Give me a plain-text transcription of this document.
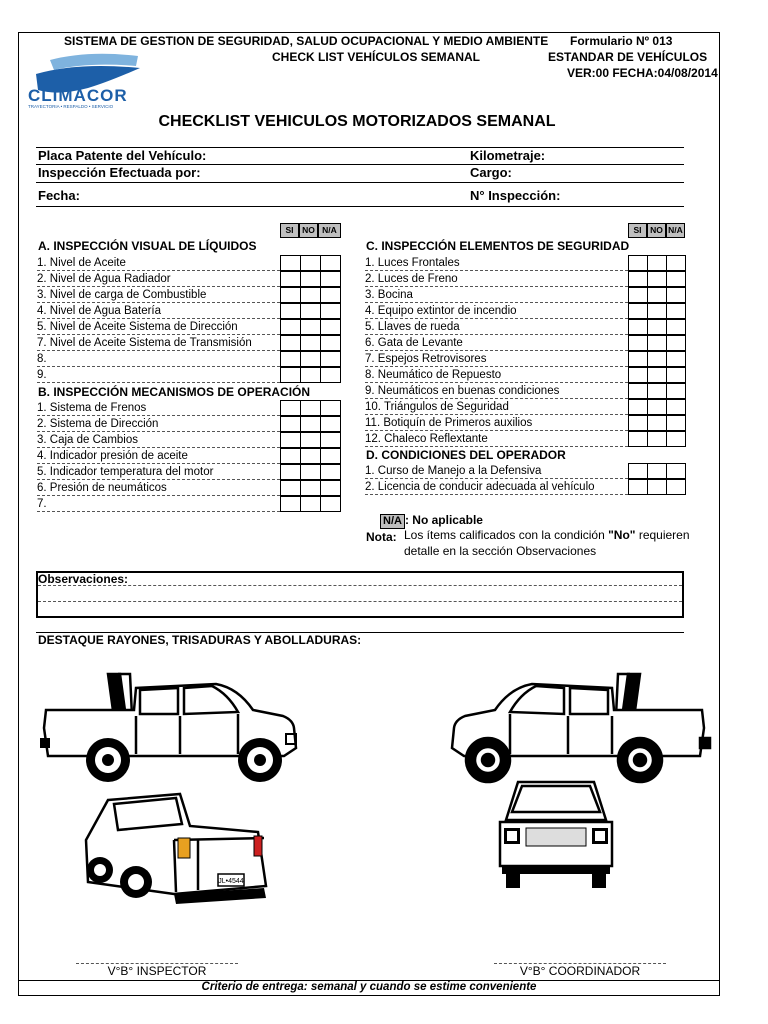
CLIMACOR
TRAYECTORIA • RESPALDO • SERVICIO
SISTEMA DE GESTION DE SEGURIDAD, SALUD OCUPACIONAL Y MEDIO AMBIENTE Formulario Nº 013
CHECK LIST VEHÍCULOS SEMANAL	ESTANDAR DE VEHÍCULOS
VER:00 FECHA:04/08/2014
CHECKLIST VEHICULOS MOTORIZADOS SEMANAL
Placa Patente del Vehículo:	Kilometraje:
Inspección Efectuada por:	Cargo:
Fecha:	N° Inspección:
SI	NO N/A	SI	NO N/A
A. INSPECCIÓN VISUAL DE LÍQUIDOS
B. INSPECCIÓN MECANISMOS DE OPERACIÓN
C. INSPECCIÓN ELEMENTOS DE SEGURIDAD
D. CONDICIONES DEL OPERADOR
1. Nivel de Aceite
2. Nivel de Agua Radiador
3. Nivel de carga de Combustible
4. Nivel de Agua Batería
5. Nivel de Aceite Sistema de Dirección
7. Nivel de Aceite Sistema de Transmisión
8.
9.
1. Sistema de Frenos
2. Sistema de Dirección
3. Caja de Cambios
4. Indicador presión de aceite
5. Indicador temperatura del motor
6. Presión de neumáticos
7.
1. Luces Frontales
2. Luces de Freno
3. Bocina
4. Equipo extintor de incendio
5. Llaves de rueda
6. Gata de Levante
7. Espejos Retrovisores
8. Neumático de Repuesto
9. Neumáticos en buenas condiciones
10. Triángulos de Seguridad
11. Botiquín de Primeros auxilios
12. Chaleco Reflextante
1. Curso de Manejo a la Defensiva
2. Licencia de conducir adecuada al vehículo
N/A : No aplicable
Nota: Los ítems calificados con la condición "No" requieren
detalle en la sección Observaciones
Observaciones:
DESTAQUE RAYONES, TRISADURAS Y ABOLLADURAS:
JL•4544
V°B° INSPECTOR	V°B° COORDINADOR
Criterio de entrega: semanal y cuando se estime conveniente
